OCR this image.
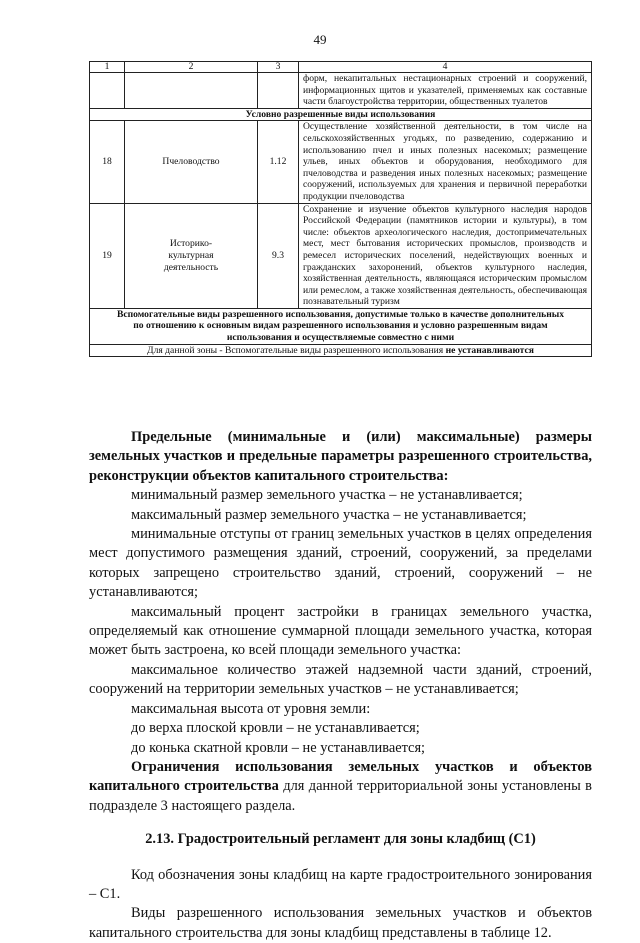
49
1	2	3	4
			форм, некапитальных нестационарных строений и сооружений, информационных щитов и указателей, применяемых как составные части благоустройства территории, общественных туалетов
Условно разрешенные виды использования			
18	Пчеловодство	1.12	Осуществление хозяйственной деятельности, в том числе на сельскохозяйственных угодьях, по разведению, содержанию и использованию пчел и иных полезных насекомых; размещение ульев, иных объектов и оборудования, необходимого для пчеловодства и разведения иных полезных насекомых; размещение сооружений, используемых для хранения и первичной переработки продукции пчеловодства
19	Историко-культурная деятельность	9.3	Сохранение и изучение объектов культурного наследия народов Российской Федерации (памятников истории и культуры), в том числе: объектов археологического наследия, достопримечательных мест, мест бытования исторических промыслов, производств и ремесел исторических поселений, недействующих военных и гражданских захоронений, объектов культурного наследия, хозяйственная деятельность, являющаяся историческим промыслом или ремеслом, а также хозяйственная деятельность, обеспечивающая познавательный туризм
Вспомогательные виды разрешенного использования, допустимые только в качестве дополнительных по отношению к основным видам разрешенного использования и условно разрешенным видам использования и осуществляемые совместно с ними			
Для данной зоны - Вспомогательные виды разрешенного использования не устанавливаются			

Предельные (минимальные и (или) максимальные) размеры земельных участков и предельные параметры разрешенного строительства, реконструкции объектов капитального строительства:

минимальный размер земельного участка – не устанавливается;

максимальный размер земельного участка – не устанавливается;

минимальные отступы от границ земельных участков в целях определения мест допустимого размещения зданий, строений, сооружений, за пределами которых запрещено строительство зданий, строений, сооружений – не устанавливаются;

максимальный процент застройки в границах земельного участка, определяемый как отношение суммарной площади земельного участка, которая может быть застроена, ко всей площади земельного участка:

максимальное количество этажей надземной части зданий, строений, сооружений на территории земельных участков – не устанавливается;

максимальная высота от уровня земли:

до верха плоской кровли – не устанавливается;

до конька скатной кровли – не устанавливается;

Ограничения использования земельных участков и объектов капитального строительства для данной территориальной зоны установлены в подразделе 3 настоящего раздела.

2.13. Градостроительный регламент для зоны кладбищ (С1)

Код обозначения зоны кладбищ на карте градостроительного зонирования – С1.

Виды разрешенного использования земельных участков и объектов капитального строительства для зоны кладбищ представлены в таблице 12.
